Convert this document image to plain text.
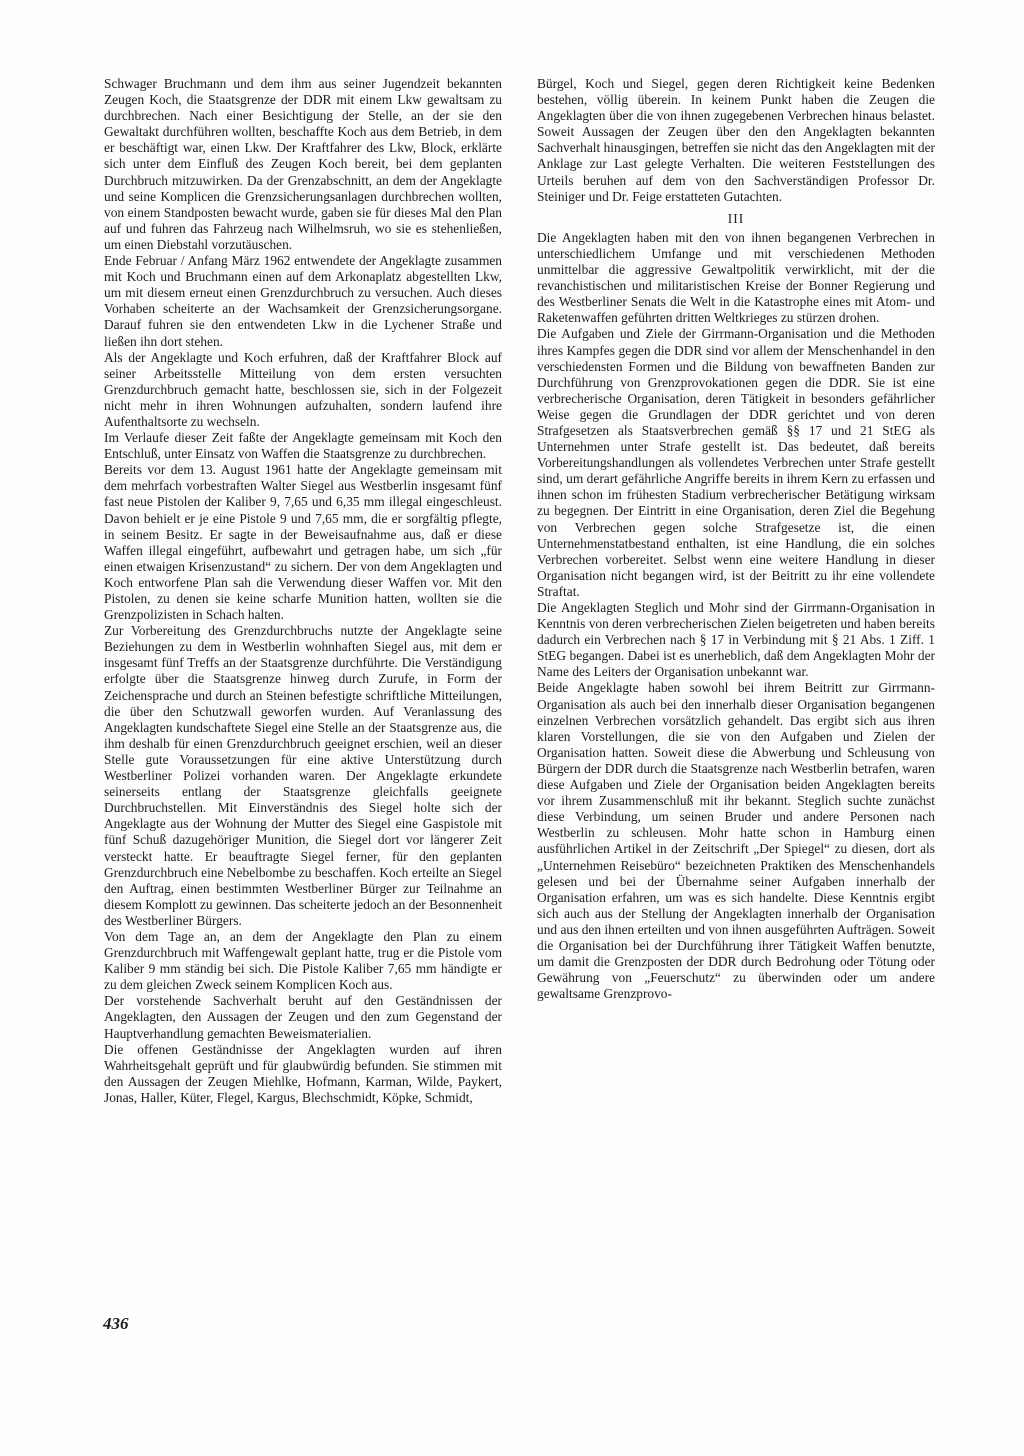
Schwager Bruchmann und dem ihm aus seiner Jugendzeit bekannten Zeugen Koch, die Staatsgrenze der DDR mit einem Lkw gewaltsam zu durchbrechen. Nach einer Besichtigung der Stelle, an der sie den Gewaltakt durchführen wollten, beschaffte Koch aus dem Betrieb, in dem er beschäftigt war, einen Lkw. Der Kraftfahrer des Lkw, Block, erklärte sich unter dem Einfluß des Zeugen Koch bereit, bei dem geplanten Durchbruch mitzuwirken. Da der Grenzabschnitt, an dem der Angeklagte und seine Komplicen die Grenzsicherungsanlagen durchbrechen wollten, von einem Standposten bewacht wurde, gaben sie für dieses Mal den Plan auf und fuhren das Fahrzeug nach Wilhelmsruh, wo sie es stehenließen, um einen Diebstahl vorzutäuschen.

Ende Februar / Anfang März 1962 entwendete der Angeklagte zusammen mit Koch und Bruchmann einen auf dem Arkonaplatz abgestellten Lkw, um mit diesem erneut einen Grenzdurchbruch zu versuchen. Auch dieses Vorhaben scheiterte an der Wachsamkeit der Grenzsicherungsorgane. Darauf fuhren sie den entwendeten Lkw in die Lychener Straße und ließen ihn dort stehen.

Als der Angeklagte und Koch erfuhren, daß der Kraftfahrer Block auf seiner Arbeitsstelle Mitteilung von dem ersten versuchten Grenzdurchbruch gemacht hatte, beschlossen sie, sich in der Folgezeit nicht mehr in ihren Wohnungen aufzuhalten, sondern laufend ihre Aufenthaltsorte zu wechseln.

Im Verlaufe dieser Zeit faßte der Angeklagte gemeinsam mit Koch den Entschluß, unter Einsatz von Waffen die Staatsgrenze zu durchbrechen.

Bereits vor dem 13. August 1961 hatte der Angeklagte gemeinsam mit dem mehrfach vorbestraften Walter Siegel aus Westberlin insgesamt fünf fast neue Pistolen der Kaliber 9, 7,65 und 6,35 mm illegal eingeschleust. Davon behielt er je eine Pistole 9 und 7,65 mm, die er sorgfältig pflegte, in seinem Besitz. Er sagte in der Beweisaufnahme aus, daß er diese Waffen illegal eingeführt, aufbewahrt und getragen habe, um sich „für einen etwaigen Krisenzustand“ zu sichern. Der von dem Angeklagten und Koch entworfene Plan sah die Verwendung dieser Waffen vor. Mit den Pistolen, zu denen sie keine scharfe Munition hatten, wollten sie die Grenzpolizisten in Schach halten.

Zur Vorbereitung des Grenzdurchbruchs nutzte der Angeklagte seine Beziehungen zu dem in Westberlin wohnhaften Siegel aus, mit dem er insgesamt fünf Treffs an der Staatsgrenze durchführte. Die Verständigung erfolgte über die Staatsgrenze hinweg durch Zurufe, in Form der Zeichensprache und durch an Steinen befestigte schriftliche Mitteilungen, die über den Schutzwall geworfen wurden. Auf Veranlassung des Angeklagten kundschaftete Siegel eine Stelle an der Staatsgrenze aus, die ihm deshalb für einen Grenzdurchbruch geeignet erschien, weil an dieser Stelle gute Voraussetzungen für eine aktive Unterstützung durch Westberliner Polizei vorhanden waren. Der Angeklagte erkundete seinerseits entlang der Staatsgrenze gleichfalls geeignete Durchbruchstellen. Mit Einverständnis des Siegel holte sich der Angeklagte aus der Wohnung der Mutter des Siegel eine Gaspistole mit fünf Schuß dazugehöriger Munition, die Siegel dort vor längerer Zeit versteckt hatte. Er beauftragte Siegel ferner, für den geplanten Grenzdurchbruch eine Nebelbombe zu beschaffen. Koch erteilte an Siegel den Auftrag, einen bestimmten Westberliner Bürger zur Teilnahme an diesem Komplott zu gewinnen. Das scheiterte jedoch an der Besonnenheit des Westberliner Bürgers.

Von dem Tage an, an dem der Angeklagte den Plan zu einem Grenzdurchbruch mit Waffengewalt geplant hatte, trug er die Pistole vom Kaliber 9 mm ständig bei sich. Die Pistole Kaliber 7,65 mm händigte er zu dem gleichen Zweck seinem Komplicen Koch aus.

Der vorstehende Sachverhalt beruht auf den Geständnissen der Angeklagten, den Aussagen der Zeugen und den zum Gegenstand der Hauptverhandlung gemachten Beweismaterialien.

Die offenen Geständnisse der Angeklagten wurden auf ihren Wahrheitsgehalt geprüft und für glaubwürdig befunden. Sie stimmen mit den Aussagen der Zeugen Miehlke, Hofmann, Karman, Wilde, Paykert, Jonas, Haller, Küter, Flegel, Kargus, Blechschmidt, Köpke, Schmidt,

Bürgel, Koch und Siegel, gegen deren Richtigkeit keine Bedenken bestehen, völlig überein. In keinem Punkt haben die Zeugen die Angeklagten über die von ihnen zugegebenen Verbrechen hinaus belastet. Soweit Aussagen der Zeugen über den den Angeklagten bekannten Sachverhalt hinausgingen, betreffen sie nicht das den Angeklagten mit der Anklage zur Last gelegte Verhalten. Die weiteren Feststellungen des Urteils beruhen auf dem von den Sachverständigen Professor Dr. Steiniger und Dr. Feige erstatteten Gutachten.

III

Die Angeklagten haben mit den von ihnen begangenen Verbrechen in unterschiedlichem Umfange und mit verschiedenen Methoden unmittelbar die aggressive Gewaltpolitik verwirklicht, mit der die revanchistischen und militaristischen Kreise der Bonner Regierung und des Westberliner Senats die Welt in die Katastrophe eines mit Atom- und Raketenwaffen geführten dritten Weltkrieges zu stürzen drohen.

Die Aufgaben und Ziele der Girrmann-Organisation und die Methoden ihres Kampfes gegen die DDR sind vor allem der Menschenhandel in den verschiedensten Formen und die Bildung von bewaffneten Banden zur Durchführung von Grenzprovokationen gegen die DDR. Sie ist eine verbrecherische Organisation, deren Tätigkeit in besonders gefährlicher Weise gegen die Grundlagen der DDR gerichtet und von deren Strafgesetzen als Staatsverbrechen gemäß §§ 17 und 21 StEG als Unternehmen unter Strafe gestellt ist. Das bedeutet, daß bereits Vorbereitungshandlungen als vollendetes Verbrechen unter Strafe gestellt sind, um derart gefährliche Angriffe bereits in ihrem Kern zu erfassen und ihnen schon im frühesten Stadium verbrecherischer Betätigung wirksam zu begegnen. Der Eintritt in eine Organisation, deren Ziel die Begehung von Verbrechen gegen solche Strafgesetze ist, die einen Unternehmenstatbestand enthalten, ist eine Handlung, die ein solches Verbrechen vorbereitet. Selbst wenn eine weitere Handlung in dieser Organisation nicht begangen wird, ist der Beitritt zu ihr eine vollendete Straftat.

Die Angeklagten Steglich und Mohr sind der Girrmann-Organisation in Kenntnis von deren verbrecherischen Zielen beigetreten und haben bereits dadurch ein Verbrechen nach § 17 in Verbindung mit § 21 Abs. 1 Ziff. 1 StEG begangen. Dabei ist es unerheblich, daß dem Angeklagten Mohr der Name des Leiters der Organisation unbekannt war.

Beide Angeklagte haben sowohl bei ihrem Beitritt zur Girrmann-Organisation als auch bei den innerhalb dieser Organisation begangenen einzelnen Verbrechen vorsätzlich gehandelt. Das ergibt sich aus ihren klaren Vorstellungen, die sie von den Aufgaben und Zielen der Organisation hatten. Soweit diese die Abwerbung und Schleusung von Bürgern der DDR durch die Staatsgrenze nach Westberlin betrafen, waren diese Aufgaben und Ziele der Organisation beiden Angeklagten bereits vor ihrem Zusammenschluß mit ihr bekannt. Steglich suchte zunächst diese Verbindung, um seinen Bruder und andere Personen nach Westberlin zu schleusen. Mohr hatte schon in Hamburg einen ausführlichen Artikel in der Zeitschrift „Der Spiegel“ zu diesen, dort als „Unternehmen Reisebüro“ bezeichneten Praktiken des Menschenhandels gelesen und bei der Übernahme seiner Aufgaben innerhalb der Organisation erfahren, um was es sich handelte. Diese Kenntnis ergibt sich auch aus der Stellung der Angeklagten innerhalb der Organisation und aus den ihnen erteilten und von ihnen ausgeführten Aufträgen. Soweit die Organisation bei der Durchführung ihrer Tätigkeit Waffen benutzte, um damit die Grenzposten der DDR durch Bedrohung oder Tötung oder Gewährung von „Feuerschutz“ zu überwinden oder um andere gewaltsame Grenzprovo-

436
